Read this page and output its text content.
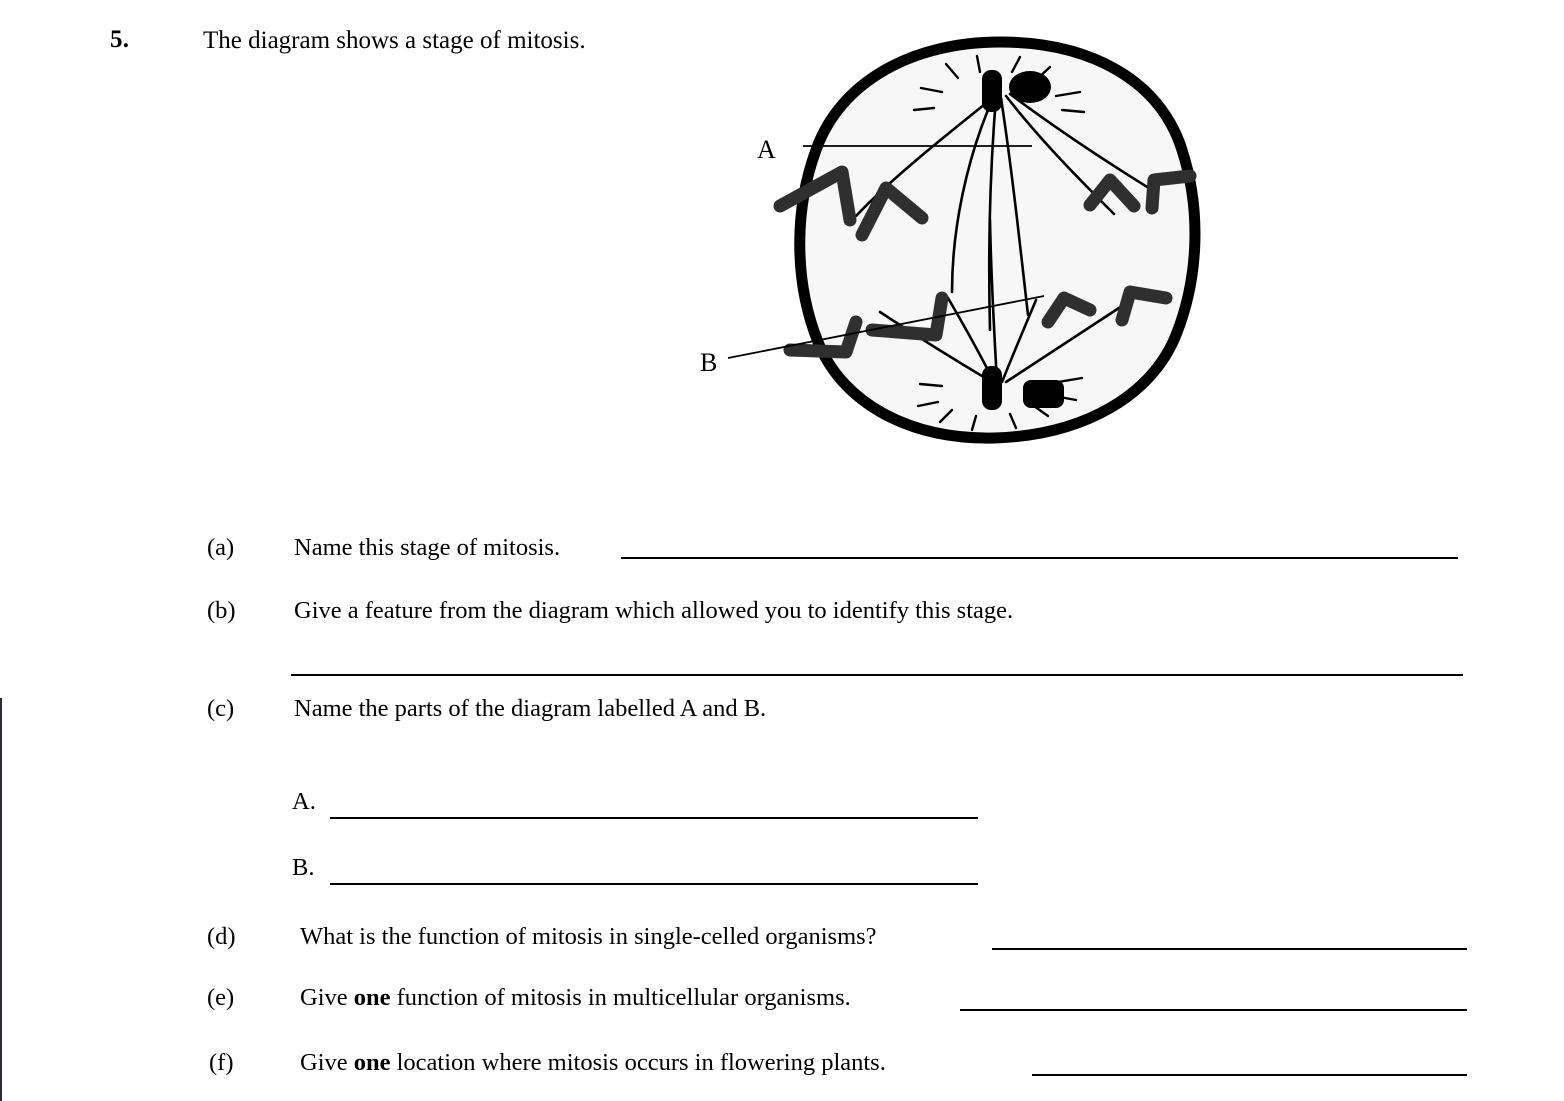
5.	The diagram shows a stage of mitosis.
A
B
(a) Name this stage of mitosis.
(b) Give a feature from the diagram which allowed you to identify this stage.
(c) Name the parts of the diagram labelled A and B.
A.
B.
(d)	What is the function of mitosis in single-celled organisms?
(e)	Give one function of mitosis in multicellular organisms.
(f)	Give one location where mitosis occurs in flowering plants.
